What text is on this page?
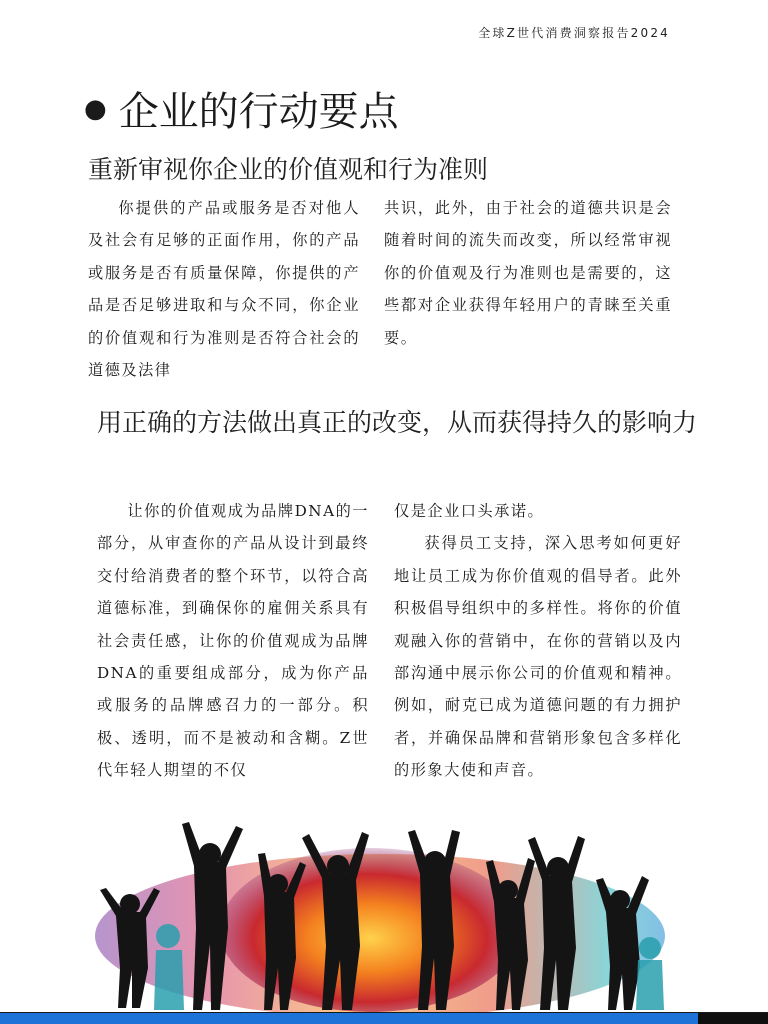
全球Z世代消费洞察报告2024
● 企业的行动要点
重新审视你企业的价值观和行为准则

你提供的产品或服务是否对他人及社会有足够的正面作用，你的产品或服务是否有质量保障，你提供的产品是否足够进取和与众不同，你企业的价值观和行为准则是否符合社会的道德及法律

共识，此外，由于社会的道德共识是会随着时间的流失而改变，所以经常审视你的价值观及行为准则也是需要的，这些都对企业获得年轻用户的青睐至关重要。

用正确的方法做出真正的改变，从而获得持久的影响力

让你的价值观成为品牌DNA的一部分，从审查你的产品从设计到最终交付给消费者的整个环节，以符合高道德标准，到确保你的雇佣关系具有社会责任感，让你的价值观成为品牌DNA的重要组成部分，成为你产品或服务的品牌感召力的一部分。积极、透明，而不是被动和含糊。Z世代年轻人期望的不仅

仅是企业口头承诺。

获得员工支持，深入思考如何更好地让员工成为你价值观的倡导者。此外积极倡导组织中的多样性。将你的价值观融入你的营销中，在你的营销以及内部沟通中展示你公司的价值观和精神。例如，耐克已成为道德问题的有力拥护者，并确保品牌和营销形象包含多样化的形象大使和声音。
